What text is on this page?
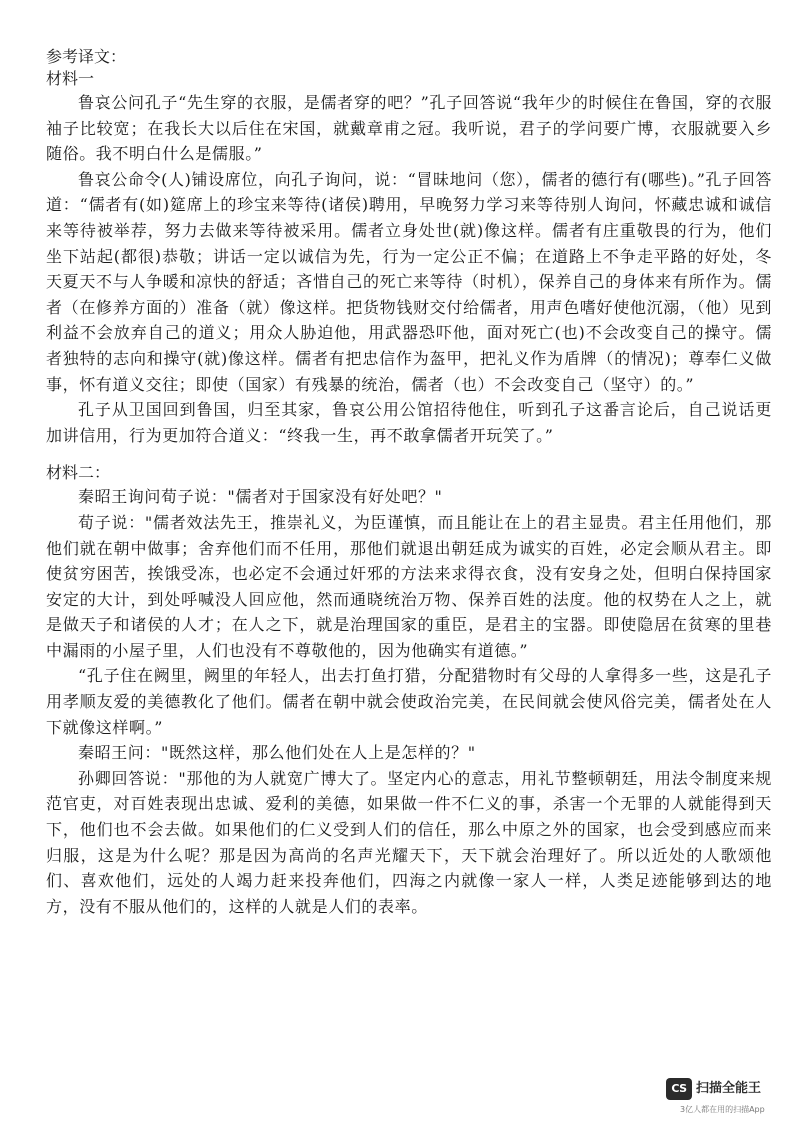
参考译文：

材料一

鲁哀公问孔子“先生穿的衣服，是儒者穿的吧？”孔子回答说“我年少的时候住在鲁国，穿的衣服袖子比较宽；在我长大以后住在宋国，就戴章甫之冠。我听说，君子的学问要广博，衣服就要入乡随俗。我不明白什么是儒服。”

鲁哀公命令(人)铺设席位，向孔子询问，说：“冒昧地问（您），儒者的德行有(哪些)。”孔子回答道：“儒者有(如)筵席上的珍宝来等待(诸侯)聘用，早晚努力学习来等待别人询问，怀藏忠诚和诚信来等待被举荐，努力去做来等待被采用。儒者立身处世(就)像这样。儒者有庄重敬畏的行为，他们坐下站起(都很)恭敬；讲话一定以诚信为先，行为一定公正不偏；在道路上不争走平路的好处，冬天夏天不与人争暖和凉快的舒适；吝惜自己的死亡来等待（时机），保养自己的身体来有所作为。儒者（在修养方面的）准备（就）像这样。把货物钱财交付给儒者，用声色嗜好使他沉溺，（他）见到利益不会放弃自己的道义；用众人胁迫他，用武器恐吓他，面对死亡(也)不会改变自己的操守。儒者独特的志向和操守(就)像这样。儒者有把忠信作为盔甲，把礼义作为盾牌（的情况)；尊奉仁义做事，怀有道义交往；即使（国家）有残暴的统治，儒者（也）不会改变自己（坚守）的。”

孔子从卫国回到鲁国，归至其家，鲁哀公用公馆招待他住，听到孔子这番言论后，自己说话更加讲信用，行为更加符合道义：“终我一生，再不敢拿儒者开玩笑了。”

材料二：

秦昭王询问荀子说："儒者对于国家没有好处吧？"

荀子说："儒者效法先王，推崇礼义，为臣谨慎，而且能让在上的君主显贵。君主任用他们，那他们就在朝中做事；舍弃他们而不任用，那他们就退出朝廷成为诚实的百姓，必定会顺从君主。即使贫穷困苦，挨饿受冻，也必定不会通过奸邪的方法来求得衣食，没有安身之处，但明白保持国家安定的大计，到处呼喊没人回应他，然而通晓统治万物、保养百姓的法度。他的权势在人之上，就是做天子和诸侯的人才；在人之下，就是治理国家的重臣，是君主的宝器。即使隐居在贫寒的里巷中漏雨的小屋子里，人们也没有不尊敬他的，因为他确实有道德。”

“孔子住在阙里，阙里的年轻人，出去打鱼打猎，分配猎物时有父母的人拿得多一些，这是孔子用孝顺友爱的美德教化了他们。儒者在朝中就会使政治完美，在民间就会使风俗完美，儒者处在人下就像这样啊。”

秦昭王问："既然这样，那么他们处在人上是怎样的？"

孙卿回答说："那他的为人就宽广博大了。坚定内心的意志，用礼节整顿朝廷，用法令制度来规范官吏，对百姓表现出忠诚、爱利的美德，如果做一件不仁义的事，杀害一个无罪的人就能得到天下，他们也不会去做。如果他们的仁义受到人们的信任，那么中原之外的国家，也会受到感应而来归服，这是为什么呢？那是因为高尚的名声光耀天下，天下就会治理好了。所以近处的人歌颂他们、喜欢他们，远处的人竭力赶来投奔他们，四海之内就像一家人一样，人类足迹能够到达的地方，没有不服从他们的，这样的人就是人们的表率。

CS 扫描全能王
3亿人都在用的扫描App
